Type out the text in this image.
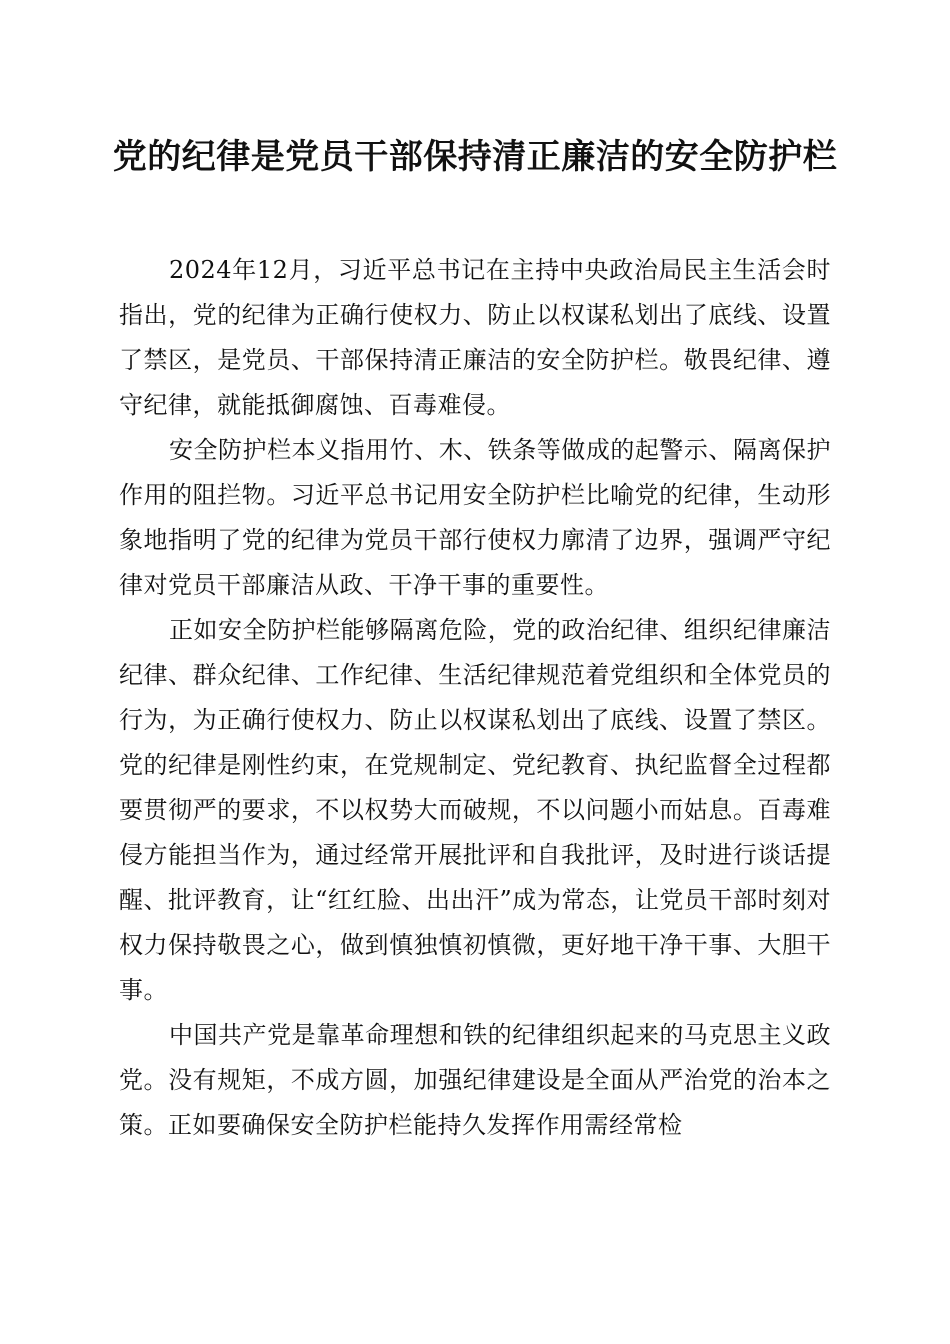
党的纪律是党员干部保持清正廉洁的安全防护栏

2024年12月，习近平总书记在主持中央政治局民主生活会时指出，党的纪律为正确行使权力、防止以权谋私划出了底线、设置了禁区，是党员、干部保持清正廉洁的安全防护栏。敬畏纪律、遵守纪律，就能抵御腐蚀、百毒难侵。

安全防护栏本义指用竹、木、铁条等做成的起警示、隔离保护作用的阻拦物。习近平总书记用安全防护栏比喻党的纪律，生动形象地指明了党的纪律为党员干部行使权力廓清了边界，强调严守纪律对党员干部廉洁从政、干净干事的重要性。

正如安全防护栏能够隔离危险，党的政治纪律、组织纪律廉洁纪律、群众纪律、工作纪律、生活纪律规范着党组织和全体党员的行为，为正确行使权力、防止以权谋私划出了底线、设置了禁区。党的纪律是刚性约束，在党规制定、党纪教育、执纪监督全过程都要贯彻严的要求，不以权势大而破规，不以问题小而姑息。百毒难侵方能担当作为，通过经常开展批评和自我批评，及时进行谈话提醒、批评教育，让“红红脸、出出汗”成为常态，让党员干部时刻对权力保持敬畏之心，做到慎独慎初慎微，更好地干净干事、大胆干事。

中国共产党是靠革命理想和铁的纪律组织起来的马克思主义政党。没有规矩，不成方圆，加强纪律建设是全面从严治党的治本之策。正如要确保安全防护栏能持久发挥作用需经常检
